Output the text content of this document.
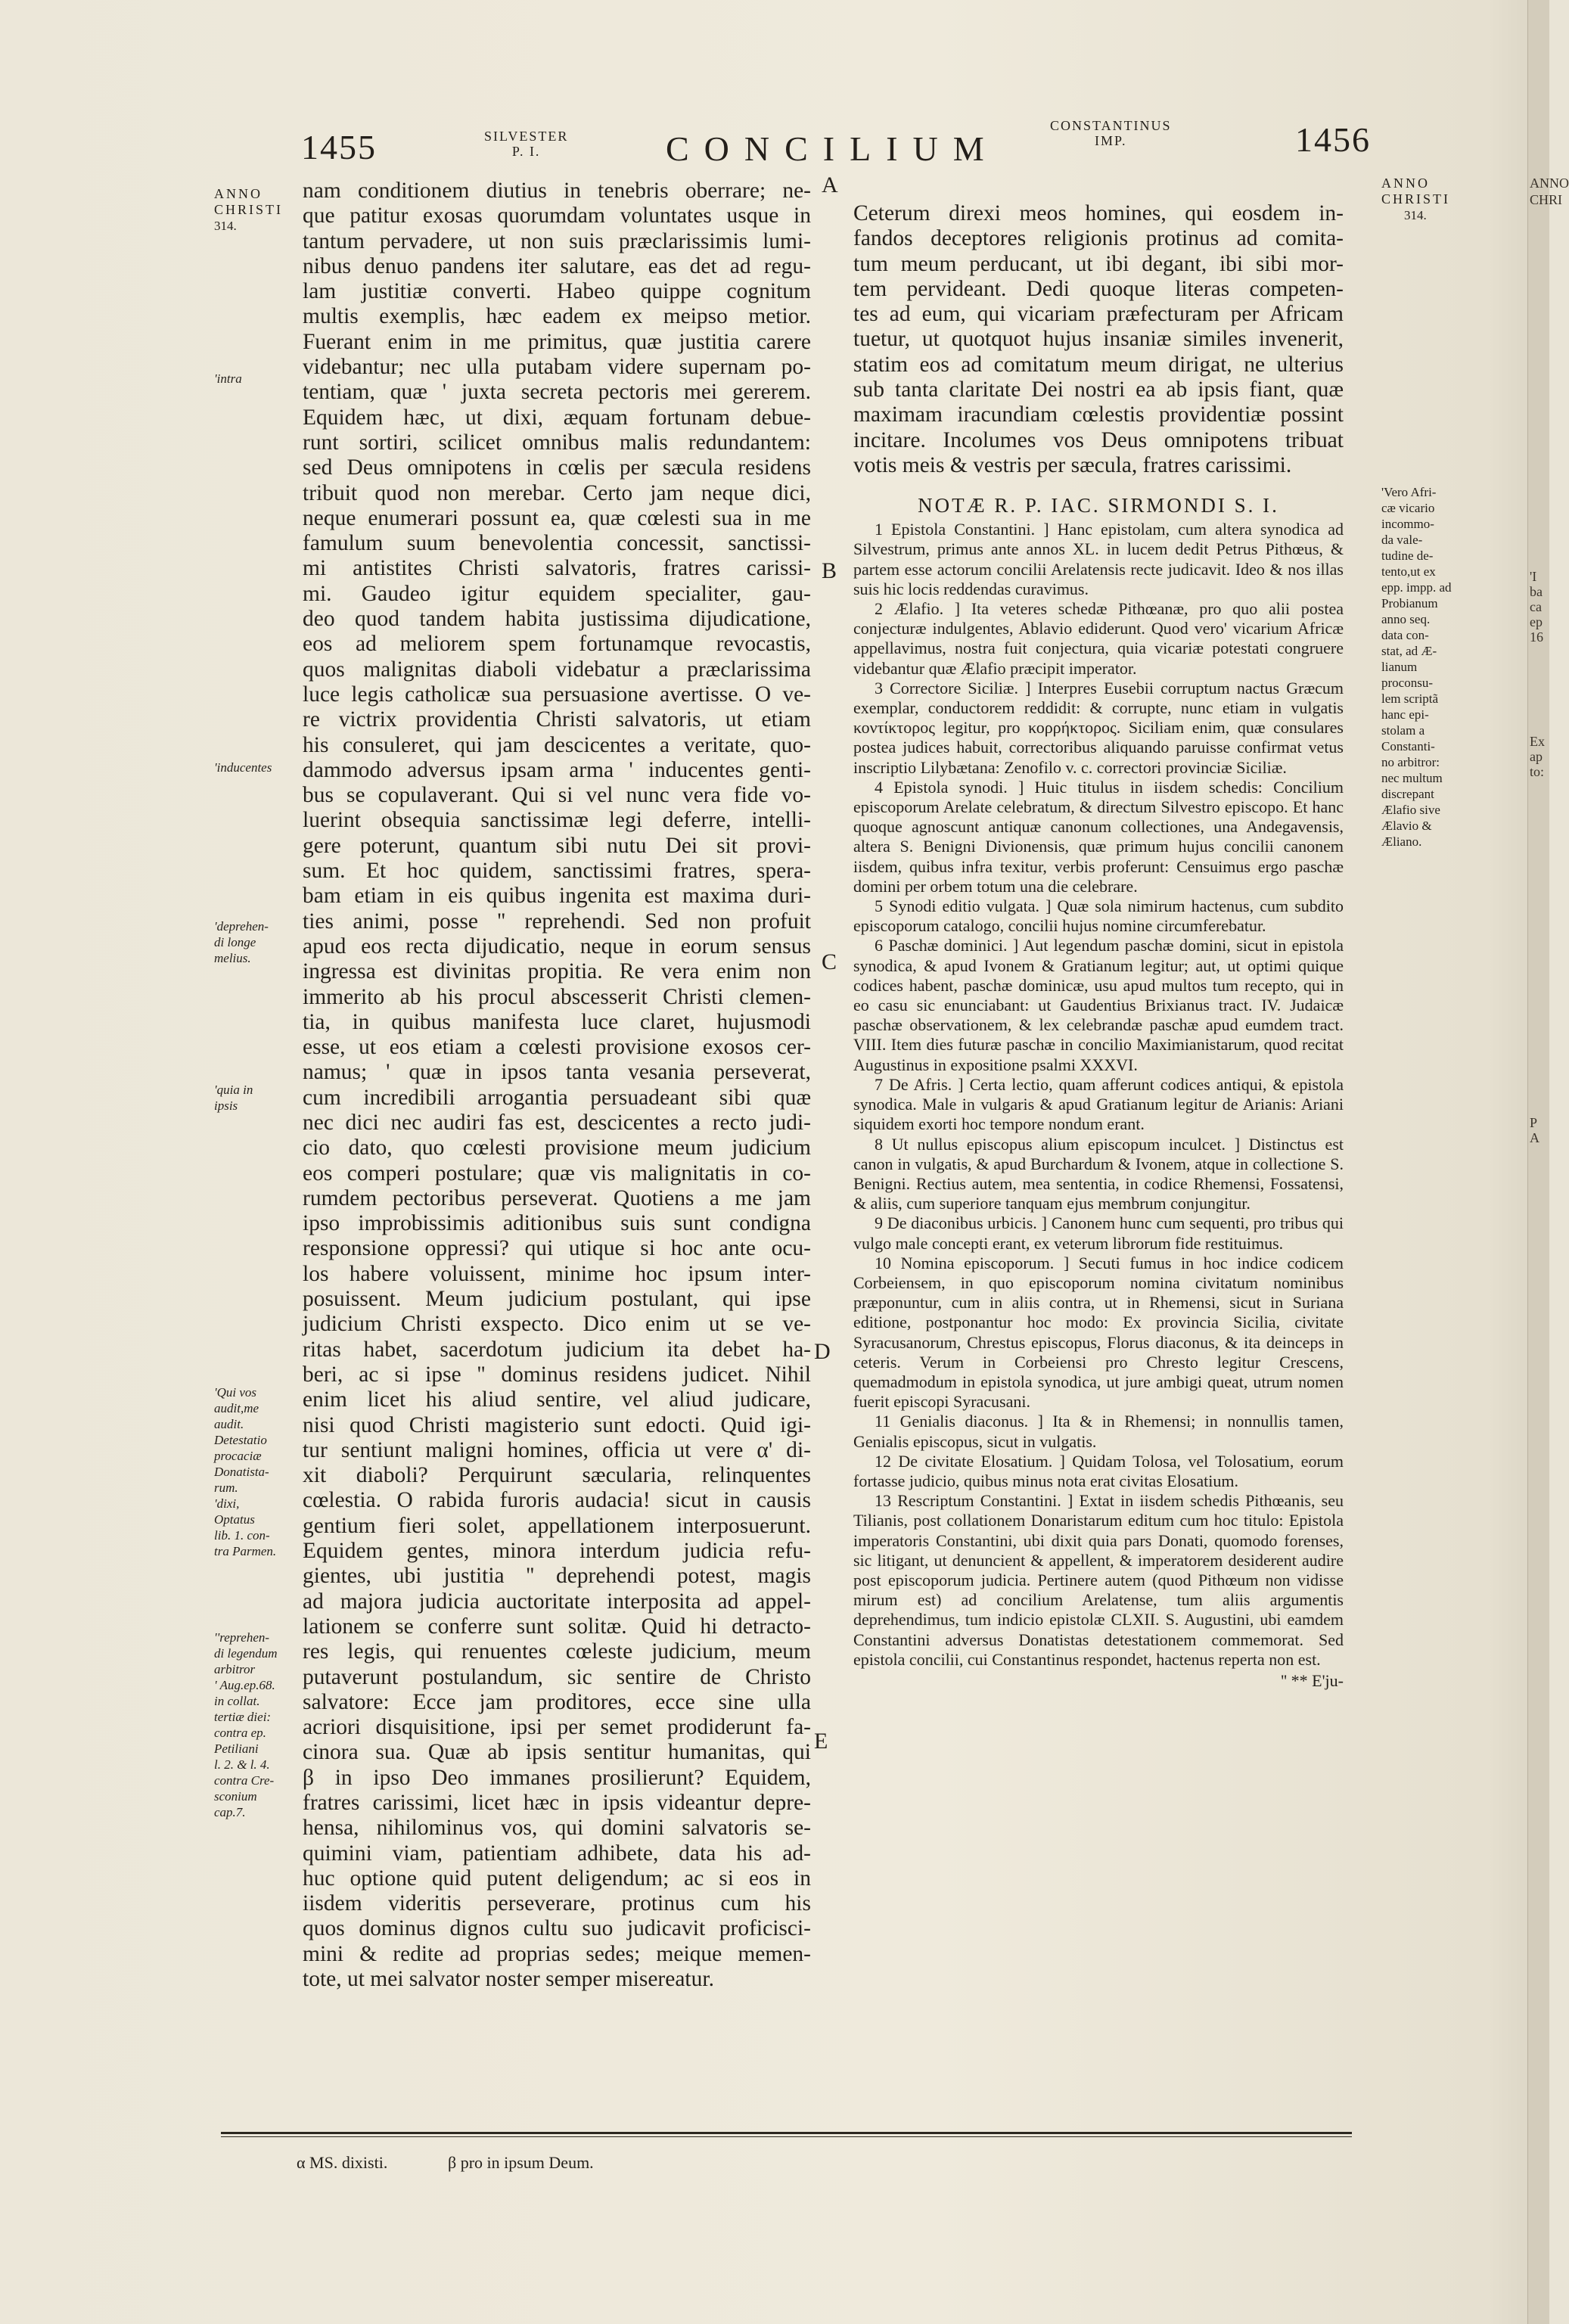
1455	SILVESTER
P. I.	CONCILIUM
CONSTANTINUS
IMP.	1456
A
B
C
D
E
ANNO
CHRISTI
314.
'intra
'inducentes
'deprehen-
di longe
melius.
'quia in
ipsis
'Qui vos
audit,me
audit.
Detestatio
procaciæ
Donatista-
rum.
'dixi,
Optatus
lib. 1. con-
tra Parmen.
''reprehen-
di legendum
arbitror
' Aug.ep.68.
in collat.
tertiæ diei:
contra ep.
Petiliani
l. 2. & l. 4.
contra Cre-
sconium
cap.7.

nam conditionem diutius in tenebris oberrare; ne-

que patitur exosas quorumdam voluntates usque in

tantum pervadere, ut non suis præclarissimis lumi-

nibus denuo pandens iter salutare, eas det ad regu-

lam justitiæ converti. Habeo quippe cognitum

multis exemplis, hæc eadem ex meipso metior.

Fuerant enim in me primitus, quæ justitia carere

videbantur; nec ulla putabam videre supernam po-

tentiam, quæ ' juxta secreta pectoris mei gererem.

Equidem hæc, ut dixi, æquam fortunam debue-

runt sortiri, scilicet omnibus malis redundantem:

sed Deus omnipotens in cœlis per sæcula residens

tribuit quod non merebar. Certo jam neque dici,

neque enumerari possunt ea, quæ cœlesti sua in me

famulum suum benevolentia concessit, sanctissi-

mi antistites Christi salvatoris, fratres carissi-

mi. Gaudeo igitur equidem specialiter, gau-

deo quod tandem habita justissima dijudicatione,

eos ad meliorem spem fortunamque revocastis,

quos malignitas diaboli videbatur a præclarissima

luce legis catholicæ sua persuasione avertisse. O ve-

re victrix providentia Christi salvatoris, ut etiam

his consuleret, qui jam descicentes a veritate, quo-

dammodo adversus ipsam arma ' inducentes genti-

bus se copulaverant. Qui si vel nunc vera fide vo-

luerint obsequia sanctissimæ legi deferre, intelli-

gere poterunt, quantum sibi nutu Dei sit provi-

sum. Et hoc quidem, sanctissimi fratres, spera-

bam etiam in eis quibus ingenita est maxima duri-

ties animi, posse '' reprehendi. Sed non profuit

apud eos recta dijudicatio, neque in eorum sensus

ingressa est divinitas propitia. Re vera enim non

immerito ab his procul abscesserit Christi clemen-

tia, in quibus manifesta luce claret, hujusmodi

esse, ut eos etiam a cœlesti provisione exosos cer-

namus; ' quæ in ipsos tanta vesania perseverat,

cum incredibili arrogantia persuadeant sibi quæ

nec dici nec audiri fas est, descicentes a recto judi-

cio dato, quo cœlesti provisione meum judicium

eos comperi postulare; quæ vis malignitatis in co-

rumdem pectoribus perseverat. Quotiens a me jam

ipso improbissimis aditionibus suis sunt condigna

responsione oppressi? qui utique si hoc ante ocu-

los habere voluissent, minime hoc ipsum inter-

posuissent. Meum judicium postulant, qui ipse

judicium Christi exspecto. Dico enim ut se ve-

ritas habet, sacerdotum judicium ita debet ha-

beri, ac si ipse '' dominus residens judicet. Nihil

enim licet his aliud sentire, vel aliud judicare,

nisi quod Christi magisterio sunt edocti. Quid igi-

tur sentiunt maligni homines, officia ut vere α' di-

xit diaboli? Perquirunt sæcularia, relinquentes

cœlestia. O rabida furoris audacia! sicut in causis

gentium fieri solet, appellationem interposuerunt.

Equidem gentes, minora interdum judicia refu-

gientes, ubi justitia '' deprehendi potest, magis

ad majora judicia auctoritate interposita ad appel-

lationem se conferre sunt solitæ. Quid hi detracto-

res legis, qui renuentes cœleste judicium, meum

putaverunt postulandum, sic sentire de Christo

salvatore: Ecce jam proditores, ecce sine ulla

acriori disquisitione, ipsi per semet prodiderunt fa-

cinora sua. Quæ ab ipsis sentitur humanitas, qui

β in ipso Deo immanes prosilierunt? Equidem,

fratres carissimi, licet hæc in ipsis videantur depre-

hensa, nihilominus vos, qui domini salvatoris se-

quimini viam, patientiam adhibete, data his ad-

huc optione quid putent deligendum; ac si eos in

iisdem videritis perseverare, protinus cum his

quos dominus dignos cultu suo judicavit proficisci-

mini & redite ad proprias sedes; meique memen-

tote, ut mei salvator noster semper misereatur.

Ceterum direxi meos homines, qui eosdem in-

fandos deceptores religionis protinus ad comita-

tum meum perducant, ut ibi degant, ibi sibi mor-

tem pervideant. Dedi quoque literas competen-

tes ad eum, qui vicariam præfecturam per Africam

tuetur, ut quotquot hujus insaniæ similes invenerit,

statim eos ad comitatum meum dirigat, ne ulterius

sub tanta claritate Dei nostri ea ab ipsis fiant, quæ

maximam iracundiam cœlestis providentiæ possint

incitare. Incolumes vos Deus omnipotens tribuat

votis meis & vestris per sæcula, fratres carissimi.

NOTÆ R. P. IAC. SIRMONDI S. I.
1 Epistola Constantini. ] Hanc epistolam, cum altera synodica ad Silvestrum, primus ante annos XL. in lucem dedit Petrus Pithœus, & partem esse actorum concilii Arelatensis recte judicavit. Ideo & nos illas suis hic locis reddendas curavimus.
2 Ælafio. ] Ita veteres schedæ Pithœanæ, pro quo alii postea conjecturæ indulgentes, Ablavio ediderunt. Quod vero' vicarium Africæ appellavimus, nostra fuit conjectura, quia vicariæ potestati congruere videbantur quæ Ælafio præcipit imperator.
3 Correctore Siciliæ. ] Interpres Eusebii corruptum nactus Græcum exemplar, conductorem reddidit: & corrupte, nunc etiam in vulgatis κοντίκτορος legitur, pro κορρήκτορος. Siciliam enim, quæ consulares postea judices habuit, correctoribus aliquando paruisse confirmat vetus inscriptio Lilybætana: Zenofilo v. c. correctori provinciæ Siciliæ.
4 Epistola synodi. ] Huic titulus in iisdem schedis: Concilium episcoporum Arelate celebratum, & directum Silvestro episcopo. Et hanc quoque agnoscunt antiquæ canonum collectiones, una Andegavensis, altera S. Benigni Divionensis, quæ primum hujus concilii canonem iisdem, quibus infra texitur, verbis proferunt: Censuimus ergo paschæ domini per orbem totum una die celebrare.
5 Synodi editio vulgata. ] Quæ sola nimirum hactenus, cum subdito episcoporum catalogo, concilii hujus nomine circumferebatur.
6 Paschæ dominici. ] Aut legendum paschæ domini, sicut in epistola synodica, & apud Ivonem & Gratianum legitur; aut, ut optimi quique codices habent, paschæ dominicæ, usu apud multos tum recepto, qui in eo casu sic enunciabant: ut Gaudentius Brixianus tract. IV. Judaicæ paschæ observationem, & lex celebrandæ paschæ apud eumdem tract. VIII. Item dies futuræ paschæ in concilio Maximianistarum, quod recitat Augustinus in expositione psalmi XXXVI.
7 De Afris. ] Certa lectio, quam afferunt codices antiqui, & epistola synodica. Male in vulgaris & apud Gratianum legitur de Arianis: Ariani siquidem exorti hoc tempore nondum erant.
8 Ut nullus episcopus alium episcopum inculcet. ] Distinctus est canon in vulgatis, & apud Burchardum & Ivonem, atque in collectione S. Benigni. Rectius autem, mea sententia, in codice Rhemensi, Fossatensi, & aliis, cum superiore tanquam ejus membrum conjungitur.
9 De diaconibus urbicis. ] Canonem hunc cum sequenti, pro tribus qui vulgo male concepti erant, ex veterum librorum fide restituimus.
10 Nomina episcoporum. ] Secuti fumus in hoc indice codicem Corbeiensem, in quo episcoporum nomina civitatum nominibus præponuntur, cum in aliis contra, ut in Rhemensi, sicut in Suriana editione, postponantur hoc modo: Ex provincia Sicilia, civitate Syracusanorum, Chrestus episcopus, Florus diaconus, & ita deinceps in ceteris. Verum in Corbeiensi pro Chresto legitur Crescens, quemadmodum in epistola synodica, ut jure ambigi queat, utrum nomen fuerit episcopi Syracusani.
11 Genialis diaconus. ] Ita & in Rhemensi; in nonnullis tamen, Genialis episcopus, sicut in vulgatis.
12 De civitate Elosatium. ] Quidam Tolosa, vel Tolosatium, eorum fortasse judicio, quibus minus nota erat civitas Elosatium.
13 Rescriptum Constantini. ] Extat in iisdem schedis Pithœanis, seu Tilianis, post collationem Donaristarum editum cum hoc titulo: Epistola imperatoris Constantini, ubi dixit quia pars Donati, quomodo forenses, sic litigant, ut denuncient & appellent, & imperatorem desiderent audire post episcoporum judicia. Pertinere autem (quod Pithœum non vidisse mirum est) ad concilium Arelatense, tum aliis argumentis deprehendimus, tum indicio epistolæ CLXII. S. Augustini, ubi eamdem Constantini adversus Donatistas detestationem commemorat. Sed epistola concilii, cui Constantinus respondet, hactenus reperta non est.
'' ** E'ju-
ANNO
CHRISTI
314.
'Vero Afri-
cæ vicario
incommo-
da vale-
tudine de-
tento,ut ex
epp. impp. ad
Probianum
anno seq.
data con-
stat, ad Æ-
lianum
proconsu-
lem scriptã
hanc epi-
stolam a
Constanti-
no arbitror:
nec multum
discrepant
Ælafio sive
Ælavio &
Æliano.
ANNO
CHRI
'I
ba
ca
ep
16
Ex
ap
to:
P
A
α MS. dixisti.	β pro in ipsum Deum.
